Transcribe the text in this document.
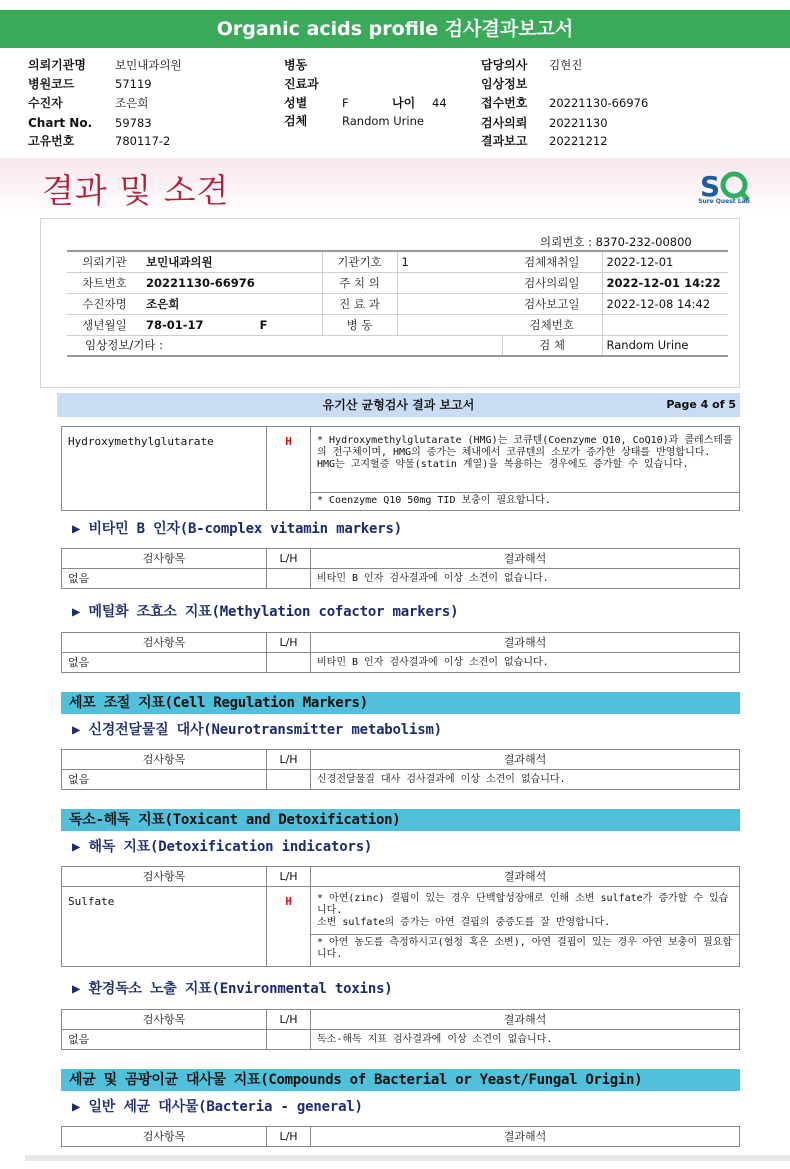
Organic acids profile 검사결과보고서
의뢰기관명	보민내과의원
병원코드	57119
수진자	조은희
Chart No. 59783
고유번호	780117-2
병동
진료과
성별	F	나이 44
검체	Random Urine
담당의사 김현진
임상정보
접수번호 20221130-66976
검사의뢰 20221130
결과보고 20221212
결과 및 소견	S
Sure Quest Lab
의뢰번호 : 8370-232-00800
의뢰기관	보민내과의원	기관기호	1	검체채취일	2022-12-01
차트번호	20221130-66976	주 치 의		검사의뢰일	2022-12-01 14:22
수진자명	조은희	진 료 과		검사보고일	2022-12-08 14:42
생년월일	78-01-17 F	병 동		검체번호	
임상정보/기타 :				검 체	Random Urine
유기산 균형검사 결과 보고서	Page 4 of 5
Hydroxymethylglutarate	H	* Hydroxymethylglutarate (HMG)는 코큐텐(Coenzyme Q10, CoQ10)과 콜레스테롤의 전구체이며, HMG의 증가는 체내에서 코큐텐의 소모가 증가한 상태를 반영합니다. HMG는 고지혈증 약물(statin 계열)을 복용하는 경우에도 증가할 수 있습니다.
* Coenzyme Q10 50mg TID 보충이 필요합니다.
▶ 비타민 B 인자(B-complex vitamin markers)
검사항목	L/H	결과해석
없음		비타민 B 인자 검사결과에 이상 소견이 없습니다.
▶ 메틸화 조효소 지표(Methylation cofactor markers)
검사항목	L/H	결과해석
없음		비타민 B 인자 검사결과에 이상 소견이 없습니다.
세포 조절 지표(Cell Regulation Markers)
▶ 신경전달물질 대사(Neurotransmitter metabolism)
검사항목	L/H	결과해석
없음		신경전달물질 대사 검사결과에 이상 소견이 없습니다.
독소-해독 지표(Toxicant and Detoxification)
▶ 해독 지표(Detoxification indicators)
검사항목	L/H	결과해석
Sulfate	H	* 아연(zinc) 결핍이 있는 경우 단백합성장애로 인해 소변 sulfate가 증가할 수 있습니다.
소변 sulfate의 증가는 아연 결핍의 중증도를 잘 반영합니다.

		* 아연 농도를 측정하시고(혈청 혹은 소변), 아연 결핍이 있는 경우 아연 보충이 필요합니다.
▶ 환경독소 노출 지표(Environmental toxins)
검사항목	L/H	결과해석
없음		독소-해독 지표 검사결과에 이상 소견이 없습니다.
세균 및 곰팡이균 대사물 지표(Compounds of Bacterial or Yeast/Fungal Origin)
▶ 일반 세균 대사물(Bacteria - general)
검사항목	L/H	결과해석
